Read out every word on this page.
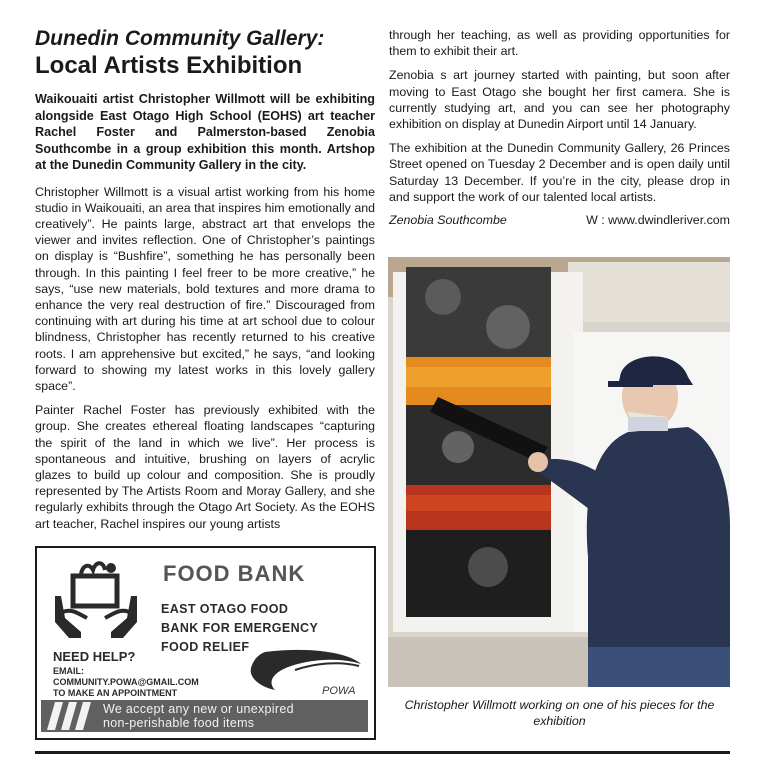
Dunedin Community Gallery:
Local Artists Exhibition

Waikouaiti artist Christopher Willmott will be exhibiting alongside East Otago High School (EOHS) art teacher Rachel Foster and Palmerston-based Zenobia Southcombe in a group exhibition this month. Artshop at the Dunedin Community Gallery in the city.

Christopher Willmott is a visual artist working from his home studio in Waikouaiti, an area that inspires him emotionally and creatively”. He paints large, abstract art that envelops the viewer and invites reflection. One of Christopher’s paintings on display is “Bushfire”, something he has personally been through. In this painting I feel freer to be more creative,” he says, “use new materials, bold textures and more drama to enhance the very real destruction of fire.” Discouraged from continuing with art during his time at art school due to colour blindness, Christopher has recently returned to his creative roots. I am apprehensive but excited,” he says, “and looking forward to showing my latest works in this lovely gallery space”.

Painter Rachel Foster has previously exhibited with the group. She creates ethereal floating landscapes “capturing the spirit of the land in which we live”. Her process is spontaneous and intuitive, brushing on layers of acrylic glazes to build up colour and composition. She is proudly represented by The Artists Room and Moray Gallery, and she regularly exhibits through the Otago Art Society. As the EOHS art teacher, Rachel inspires our young artists

through her teaching, as well as providing opportunities for them to exhibit their art.

Zenobia s art journey started with painting, but soon after moving to East Otago she bought her first camera. She is currently studying art, and you can see her photography exhibition on display at Dunedin Airport until 14 January.

The exhibition at the Dunedin Community Gallery, 26 Princes Street opened on Tuesday 2 December and is open daily until Saturday 13 December. If you’re in the city, please drop in and support the work of our talented local artists.

Zenobia Southcombe	W : www.dwindleriver.com
Christopher Willmott working on one of his pieces for the exhibition
FOOD BANK
EAST OTAGO FOOD
BANK FOR EMERGENCY
FOOD RELIEF
NEED HELP?
EMAIL:
COMMUNITY.POWA@GMAIL.COM
TO MAKE AN APPOINTMENT	POWA
We accept any new or unexpired
non-perishable food items
